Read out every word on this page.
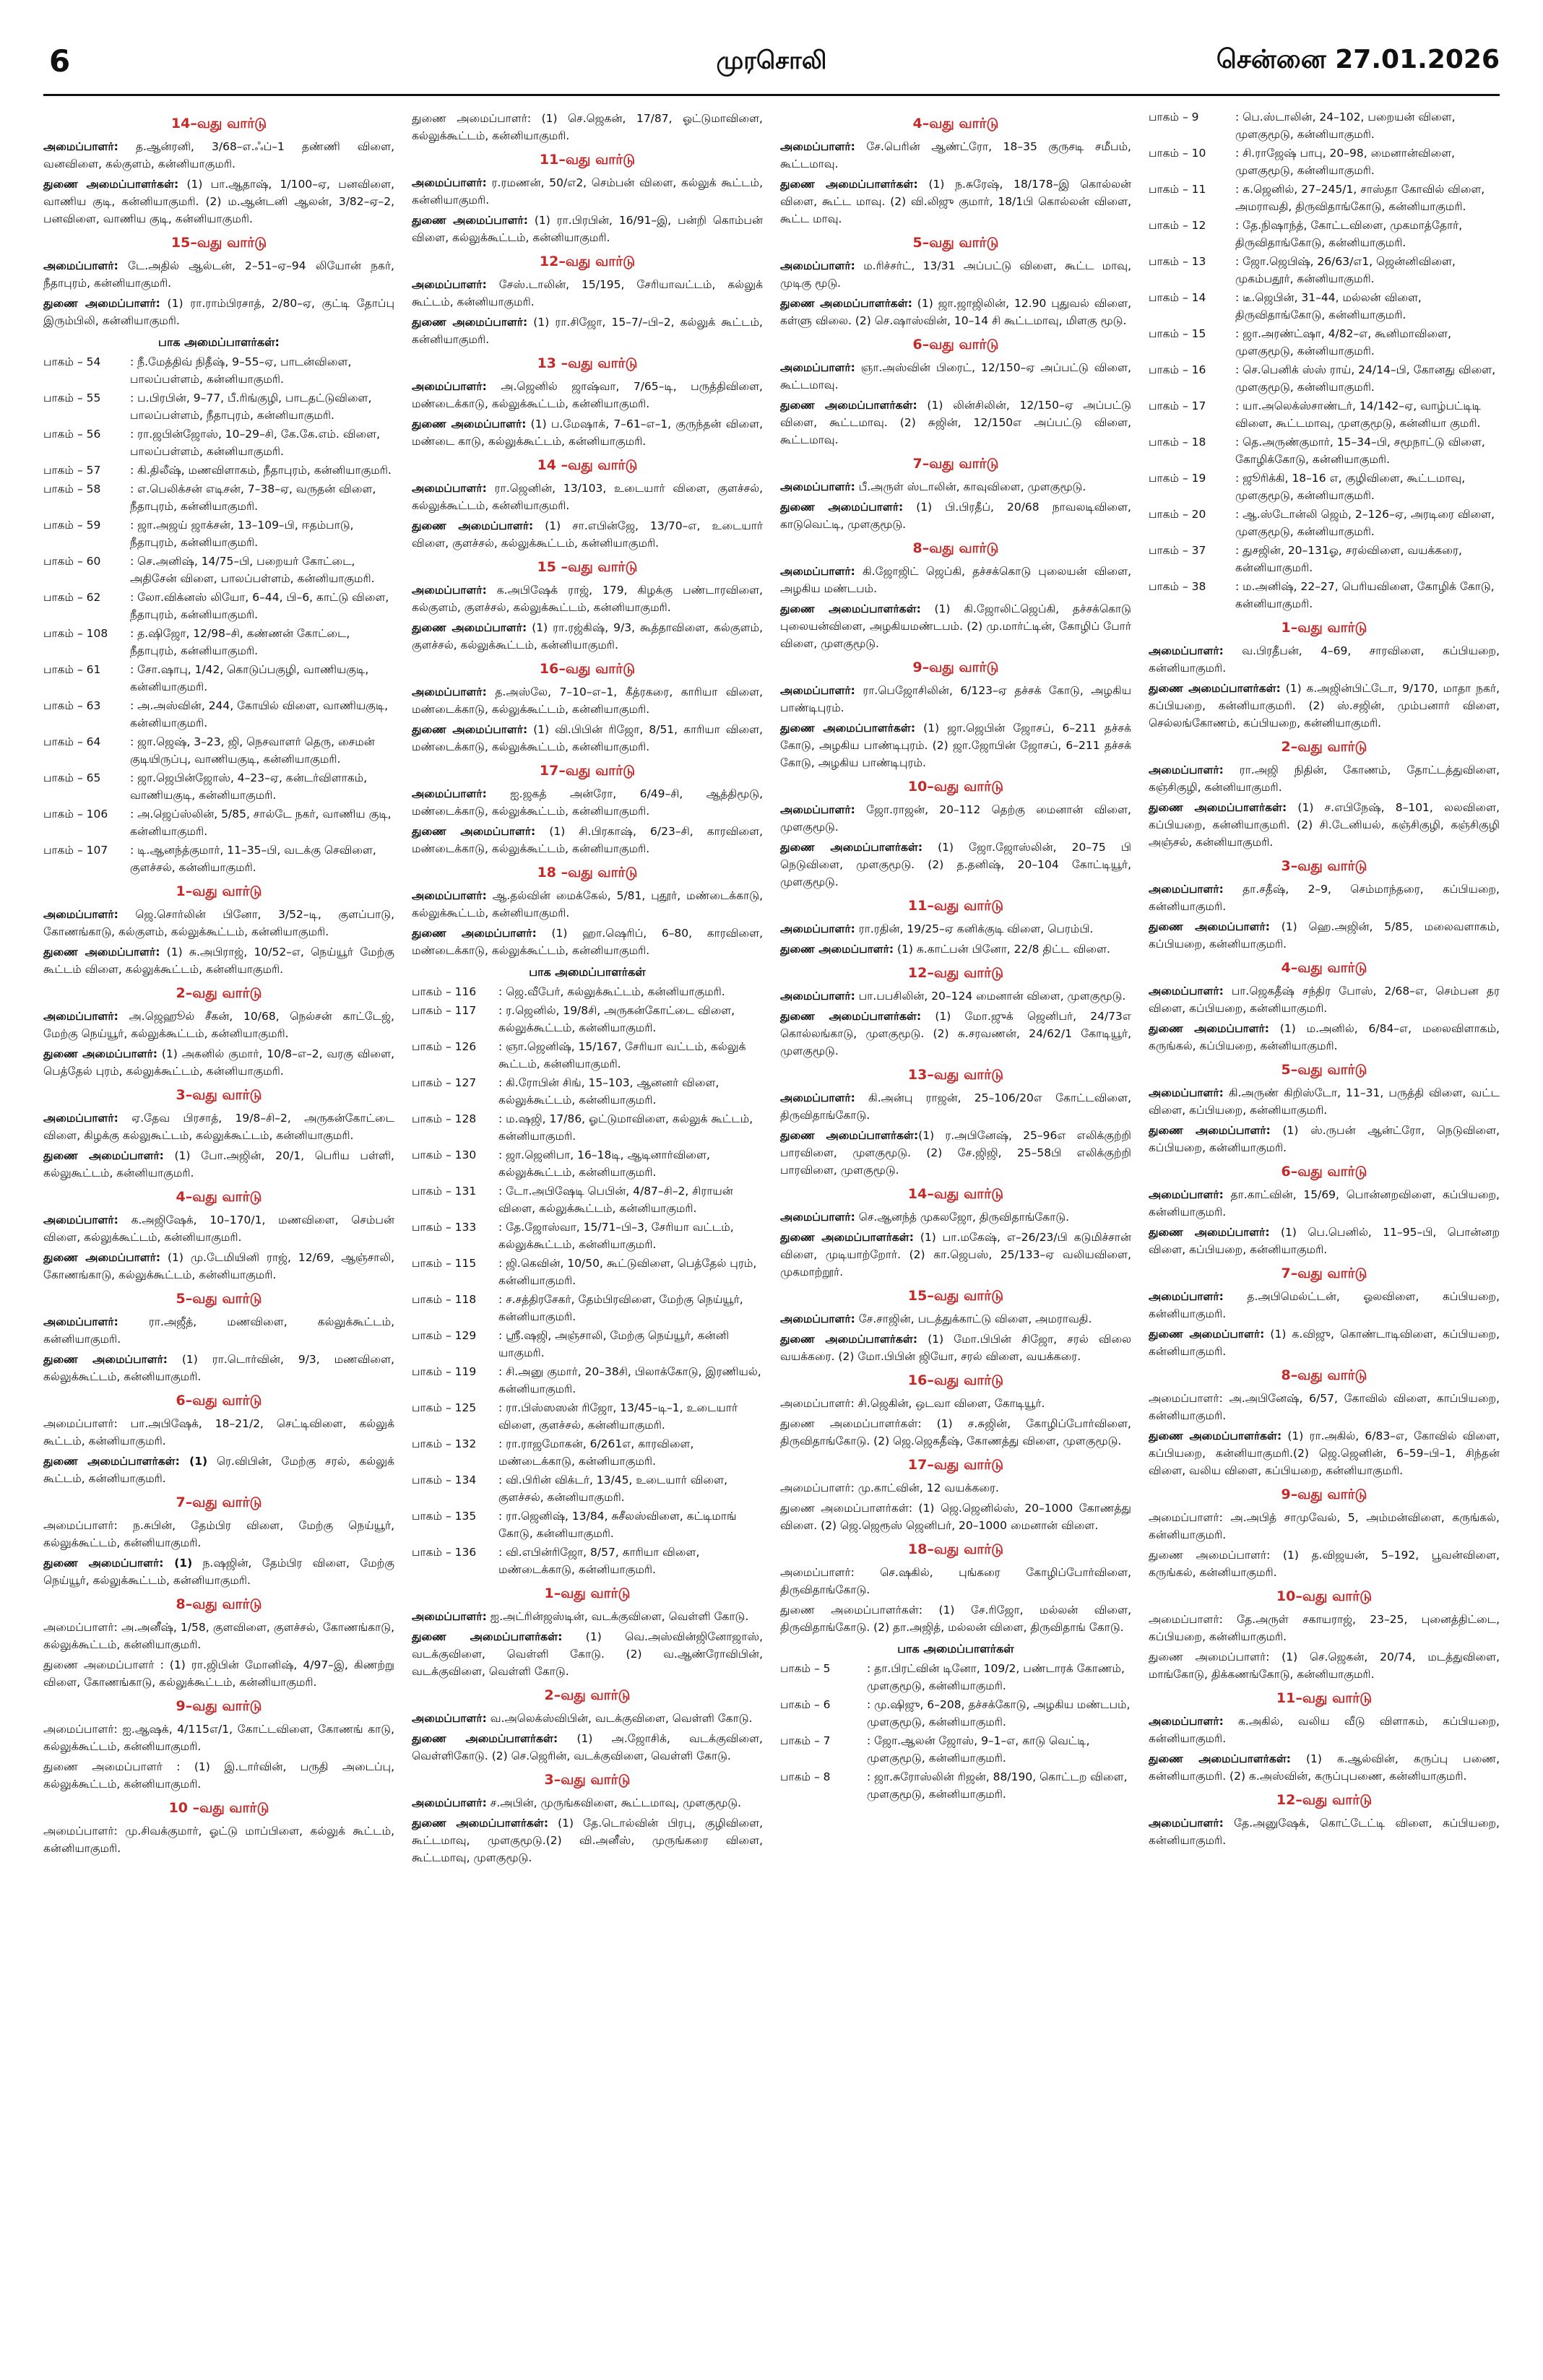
6	முரசொலி	சென்னை 27.01.2026
14–வது வார்டு

அமைப்பாளர்: த.ஆன்ரனி, 3/68–எ.ஃப்–1 தண்ணி விளை, வனவிளை, கல்குளம், கன்னியாகுமரி.

துணை அமைப்பாளர்கள்: (1) பா.ஆதாஷ், 1/100–ஏ, பனவிளை, வாணிய குடி, கன்னியாகுமரி. (2) ம.ஆன்டனி ஆலன், 3/82–ஏ–2, பனவிளை, வாணிய குடி, கன்னியாகுமரி.

15–வது வார்டு

அமைப்பாளர்: டே.அதில் ஆல்டன், 2–51–ஏ–94 லியோன் நகர், நீதாபுரம், கன்னியாகுமரி.

துணை அமைப்பாளர்: (1) ரா.ராம்பிரசாத், 2/80–ஏ, குட்டி தோப்பு இரும்பிலி, கன்னியாகுமரி.

பாக அமைப்பாளர்கள்:
பாகம் – 54	: நீ.மேத்திவ் நிதீஷ், 9–55–ஏ, பாடன்விளை, பாலப்பள்ளம், கன்னியாகுமரி.
பாகம் – 55	: ப.பிரபின், 9–77, பீ.ரிங்குழி, பாடதட்டுவிளை, பாலப்பள்ளம், நீதாபுரம், கன்னியாகுமரி.
பாகம் – 56	: ரா.ஜபின்ஜோஸ், 10–29–சி, கே.கே.எம். விளை, பாலப்பள்ளம், கன்னியாகுமரி.
பாகம் – 57	: கி.திலீஷ், மணவிளாகம், நீதாபுரம், கன்னியாகுமரி.
பாகம் – 58	: எ.பெலிக்சன் எடிசன், 7–38–ஏ, வருதன் விளை, நீதாபுரம், கன்னியாகுமரி.
பாகம் – 59	: ஜா.அஜய் ஜாக்சன், 13–109–பி, ஈதம்பாடு, நீதாபுரம், கன்னியாகுமரி.
பாகம் – 60	: செ.அனிஷ், 14/75–பி, பறையர் கோட்டை, அதிசேன் விளை, பாலப்பள்ளம், கன்னியாகுமரி.
பாகம் – 62	: லோ.விக்னஸ் லியோ, 6–44, பி–6, காட்டு விளை, நீதாபுரம், கன்னியாகுமரி.
பாகம் – 108	: த.ஷிஜோ, 12/98–சி, கண்ணன் கோட்டை, நீதாபுரம், கன்னியாகுமரி.
பாகம் – 61	: சோ.ஷாபு, 1/42, கொடுப்பகுழி, வாணியகுடி, கன்னியாகுமரி.
பாகம் – 63	: அ.அஸ்வின், 244, கோயில் விளை, வாணியகுடி, கன்னியாகுமரி.
பாகம் – 64	: ஜா.ஜெஷ், 3–23, ஜி, நெசவாளர் தெரு, சைமன் குடியிருப்பு, வாணியகுடி, கன்னியாகுமரி.
பாகம் – 65	: ஜா.ஜெபின்ஜோஸ், 4–23–ஏ, கன்டர்விளாகம், வாணியகுடி, கன்னியாகுமரி.
பாகம் – 106	: அ.ஜெப்ஸ்லின், 5/85, சால்டே நகர், வாணிய குடி, கன்னியாகுமரி.
பாகம் – 107	: டி.ஆனந்த்குமார், 11–35–பி, வடக்கு செவிளை, குளச்சல், கன்னியாகுமரி.
1–வது வார்டு

அமைப்பாளர்: ஜெ.சொர்லின் பினோ, 3/52–டி, குளப்பாடு, கோணங்காடு, கல்குளம், கல்லுக்கூட்டம், கன்னியாகுமரி.

துணை அமைப்பாளர்: (1) சு.அபிராஜ், 10/52–எ, நெய்யூர் மேற்கு கூட்டம் விளை, கல்லுக்கூட்டம், கன்னியாகுமரி.

2–வது வார்டு

அமைப்பாளர்: அ.ஜெஹூல் சீகன், 10/68, நெல்சன் காட்டேஜ், மேற்கு நெய்யூர், கல்லுக்கூட்டம், கன்னியாகுமரி.

துணை அமைப்பாளர்: (1) அகனில் குமார், 10/8–எ–2, வரகு விளை, பெத்தேல் புரம், கல்லுக்கூட்டம், கன்னியாகுமரி.

3–வது வார்டு

அமைப்பாளர்: ஏ.தேவ பிரசாத், 19/8–சி–2, அருகன்கோட்டை விளை, கிழக்கு கல்லுகூட்டம், கல்லுக்கூட்டம், கன்னியாகுமரி.

துணை அமைப்பாளர்: (1) போ.அஜின், 20/1, பெரிய பள்ளி, கல்லுகூட்டம், கன்னியாகுமரி.

4–வது வார்டு

அமைப்பாளர்: க.அஜிஷேக், 10–170/1, மணவிளை, செம்பன் விளை, கல்லுக்கூட்டம், கன்னியாகுமரி.

துணை அமைப்பாளர்: (1) மு.டேமியினி ராஜ், 12/69, ஆஞ்சாலி, கோணங்காடு, கல்லுக்கூட்டம், கன்னியாகுமரி.

5–வது வார்டு

அமைப்பாளர்: ரா.அஜீத், மணவிளை, கல்லுக்கூட்டம், கன்னியாகுமரி.

துணை அமைப்பாளர்: (1) ரா.டொர்வின், 9/3, மணவிளை, கல்லுக்கூட்டம், கன்னியாகுமரி.

6–வது வார்டு

அமைப்பாளர்: பா.அபிஷேக், 18–21/2, செட்டிவிளை, கல்லுக் கூட்டம், கன்னியாகுமரி.

துணை அமைப்பாளர்கள்: (1) ரெ.விபின், மேற்கு சரல், கல்லுக் கூட்டம், கன்னியாகுமரி.

7–வது வார்டு

அமைப்பாளர்: ந.சுபின், தேம்பிர விளை, மேற்கு நெய்யூர், கல்லுக்கூட்டம், கன்னியாகுமரி.

துணை அமைப்பாளர்: (1) ந.ஷஜின், தேம்பிர விளை, மேற்கு நெய்யூர், கல்லுக்கூட்டம், கன்னியாகுமரி.

8–வது வார்டு

அமைப்பாளர்: அ.அனீஷ், 1/58, குளவிளை, குளச்சல், கோணங்காடு, கல்லுக்கூட்டம், கன்னியாகுமரி.

துணை அமைப்பாளர் : (1) ரா.ஜிபின் மோனிஷ், 4/97–இ, கிணற்று விளை, கோணங்காடு, கல்லுக்கூட்டம், கன்னியாகுமரி.

9–வது வார்டு

அமைப்பாளர்: ஐ.ஆஷக், 4/115எ/1, கோட்டவிளை, கோணங் காடு, கல்லுக்கூட்டம், கன்னியாகுமரி.

துணை அமைப்பாளர் : (1) இ.டார்வின், பருதி அடைப்பு, கல்லுக்கூட்டம், கன்னியாகுமரி.

10 –வது வார்டு

அமைப்பாளர்: மு.சிவக்குமார், ஓட்டு மாப்பிளை, கல்லுக் கூட்டம், கன்னியாகுமரி.

துணை அமைப்பாளர்: (1) செ.ஜெகன், 17/87, ஓட்டுமாவிளை, கல்லுக்கூட்டம், கன்னியாகுமரி.

11–வது வார்டு

அமைப்பாளர்: ர.ரமணன், 50/எ2, செம்பன் விளை, கல்லுக் கூட்டம், கன்னியாகுமரி.

துணை அமைப்பாளர்: (1) ரா.பிரபின், 16/91–இ, பன்றி கொம்பன் விளை, கல்லுக்கூட்டம், கன்னியாகுமரி.

12–வது வார்டு

அமைப்பாளர்: சேஸ்.டாலின், 15/195, சேரியாவட்டம், கல்லுக் கூட்டம், கன்னியாகுமரி.

துணை அமைப்பாளர்: (1) ரா.சிஜோ, 15–7/–பி–2, கல்லுக் கூட்டம், கன்னியாகுமரி.

13 –வது வார்டு

அமைப்பாளர்: அ.ஜெனில் ஜாஷ்வா, 7/65–டி, பருத்திவிளை, மண்டைக்காடு, கல்லுக்கூட்டம், கன்னியாகுமரி.

துணை அமைப்பாளர்: (1) ப.மேஷாக், 7–61–எ–1, குருந்தன் விளை, மண்டை காடு, கல்லுக்கூட்டம், கன்னியாகுமரி.

14 –வது வார்டு

அமைப்பாளர்: ரா.ஜெனின், 13/103, உடையார் விளை, குளச்சல், கல்லுக்கூட்டம், கன்னியாகுமரி.

துணை அமைப்பாளர்: (1) சா.எபின்ஜே, 13/70–எ, உடையார் விளை, குளச்சல், கல்லுக்கூட்டம், கன்னியாகுமரி.

15 –வது வார்டு

அமைப்பாளர்: க.அபிஷேக் ராஜ், 179, கிழக்கு பண்டாரவிளை, கல்குளம், குளச்சல், கல்லுக்கூட்டம், கன்னியாகுமரி.

துணை அமைப்பாளர்: (1) ரா.ரஜ்கிஷ், 9/3, கூத்தாவிளை, கல்குளம், குளச்சல், கல்லுக்கூட்டம், கன்னியாகுமரி.

16–வது வார்டு

அமைப்பாளர்: த.அஸ்லே, 7–10–எ–1, கீத்ரகரை, காரியா விளை, மண்டைக்காடு, கல்லுக்கூட்டம், கன்னியாகுமரி.

துணை அமைப்பாளர்: (1) வி.பிபின் ரிஜோ, 8/51, காரியா விளை, மண்டைக்காடு, கல்லுக்கூட்டம், கன்னியாகுமரி.

17–வது வார்டு

அமைப்பாளர்: ஐ.ஜகத் அன்ரோ, 6/49–சி, ஆத்திமூடு, மண்டைக்காடு, கல்லுக்கூட்டம், கன்னியாகுமரி.

துணை அமைப்பாளர்: (1) சி.பிரகாஷ், 6/23–சி, காரவிளை, மண்டைக்காடு, கல்லுக்கூட்டம், கன்னியாகுமரி.

18 –வது வார்டு

அமைப்பாளர்: ஆ.தல்வின் மைக்கேல், 5/81, புதூர், மண்டைக்காடு, கல்லுக்கூட்டம், கன்னியாகுமரி.

துணை அமைப்பாளர்: (1) ஹா.ஷெரிப், 6–80, காரவிளை, மண்டைக்காடு, கல்லுக்கூட்டம், கன்னியாகுமரி.

பாக அமைப்பாளர்கள்
பாகம் – 116	: ஜெ.வீபேர், கல்லுக்கூட்டம், கன்னியாகுமரி.
பாகம் – 117	: ர.ஜெனில், 19/8சி, அருகன்கோட்டை விளை, கல்லுக்கூட்டம், கன்னியாகுமரி.
பாகம் – 126	: ஞா.ஜெனிஷ், 15/167, சேரியா வட்டம், கல்லுக் கூட்டம், கன்னியாகுமரி.
பாகம் – 127	: கி.ரோபின் சிங், 15–103, ஆனனர் விளை, கல்லுக்கூட்டம், கன்னியாகுமரி.
பாகம் – 128	: ம.ஷஜி, 17/86, ஓட்டுமாவிளை, கல்லுக் கூட்டம், கன்னியாகுமரி.
பாகம் – 130	: ஜா.ஜெனிபா, 16–18டி, ஆடினார்விளை, கல்லுக்கூட்டம், கன்னியாகுமரி.
பாகம் – 131	: டோ.அபிஷேடி பெபின், 4/87–சி–2, சிராயன் விளை, கல்லுக்கூட்டம், கன்னியாகுமரி.
பாகம் – 133	: தே.ஜோஸ்வா, 15/71–பி–3, சேரியா வட்டம், கல்லுக்கூட்டம், கன்னியாகுமரி.
பாகம் – 115	: ஜி.கெவின், 10/50, கூட்டுவிளை, பெத்தேல் புரம், கன்னியாகுமரி.
பாகம் – 118	: ச.சத்திரசேகர், தேம்பிரவிளை, மேற்கு நெய்யூர், கன்னியாகுமரி.
பாகம் – 129	: ஸ்ரீ.ஷஜி, அஞ்சாலி, மேற்கு நெய்யூர், கன்னி யாகுமரி.
பாகம் – 119	: சி.அனு குமார், 20–38சி, பிலாக்கோடு, இரணியல், கன்னியாகுமரி.
பாகம் – 125	: ரா.பிஸ்ஸஸன் ரிஜோ, 13/45–டி–1, உடையார் விளை, குளச்சல், கன்னியாகுமரி.
பாகம் – 132	: ரா.ராஜமோகன், 6/261எ, காரவிளை, மண்டைக்காடு, கன்னியாகுமரி.
பாகம் – 134	: வி.பிரின் விக்டர், 13/45, உடையார் விளை, குளச்சல், கன்னியாகுமரி.
பாகம் – 135	: ரா.ஜெனிஷ், 13/84, சுசீலஸ்விளை, கட்டிமாங் கோடு, கன்னியாகுமரி.
பாகம் – 136	: வி.எபின்ரிஜோ, 8/57, காரியா விளை, மண்டைக்காடு, கன்னியாகுமரி.
1–வது வார்டு

அமைப்பாளர்: ஐ.அட்ரின்ஜஸ்டின், வடக்குவிளை, வெள்ளி கோடு.

துணை அமைப்பாளர்கள்: (1) வெ.அஸ்வின்ஜினோஜாஸ், வடக்குவிளை, வெள்ளி கோடு. (2) வ.ஆண்ரோவிபின், வடக்குவிளை, வெள்ளி கோடு.

2–வது வார்டு

அமைப்பாளர்: வ.அலெக்ஸ்விபின், வடக்குவிளை, வெள்ளி கோடு.

துணை அமைப்பாளர்கள்: (1) அ.ஜோசிக், வடக்குவிளை, வெள்ளிகோடு. (2) செ.ஜெரின், வடக்குவிளை, வெள்ளி கோடு.

3–வது வார்டு

அமைப்பாளர்: ச.அபின், முருங்கவிளை, கூட்டமாவு, முளகுமூடு.

துணை அமைப்பாளர்கள்: (1) தே.டொல்வின் பிரபு, குழிவிளை, கூட்டமாவு, முளகுமூடு.(2) வி.அனீஸ், முருங்கரை விளை, கூட்டமாவு, முளகுமூடு.

4–வது வார்டு

அமைப்பாளர்: சே.பெரின் ஆண்ட்ரோ, 18–35 குருசடி சமீபம், கூட்டமாவு.

துணை அமைப்பாளர்கள்: (1) ந.சுரேஷ், 18/178–இ கொல்லன் விளை, கூட்ட மாவு. (2) வி.லிஜு குமார், 18/1பி கொல்லன் விளை, கூட்ட மாவு.

5–வது வார்டு

அமைப்பாளர்: ம.ரிச்சர்ட், 13/31 அப்பட்டு விளை, கூட்ட மாவு, முடிகு மூடு.

துணை அமைப்பாளர்கள்: (1) ஜா.ஜாஜிலின், 12.90 புதுவல் விளை, கள்ளு விலை. (2) செ.ஷாஸ்வின், 10–14 சி கூட்டமாவு, மிளகு மூடு.

6–வது வார்டு

அமைப்பாளர்: ஞா.அஸ்வின் பிரைட், 12/150–ஏ அப்பட்டு விளை, கூட்டமாவு.

துணை அமைப்பாளர்கள்: (1) லின்சிலின், 12/150–ஏ அப்பட்டு விளை, கூட்டமாவு. (2) சுஜின், 12/150எ அப்பட்டு விளை, கூட்டமாவு.

7–வது வார்டு

அமைப்பாளர்: பீ.அருள் ஸ்டாலின், காவுவிளை, முளகுமூடு.

துணை அமைப்பாளர்: (1) பி.பிரதீப், 20/68 நாவலடிவிளை, காடுவெட்டி, முளகுமூடு.

8–வது வார்டு

அமைப்பாளர்: கி.ஜோஜிட் ஜெப்கி, தச்சக்கொடு புலையன் விளை, அழகிய மண்டபம்.

துணை அமைப்பாளர்கள்: (1) கி.ஜோலிட்ஜெப்கி, தச்சக்கொடு புலையன்விளை, அழகியமண்டபம். (2) மு.மார்ட்டின், கோழிப் போர் விளை, முளகுமூடு.

9–வது வார்டு

அமைப்பாளர்: ரா.பெஜோசிலின், 6/123–ஏ தச்சக் கோடு, அழகிய பாண்டிபுரம்.

துணை அமைப்பாளர்கள்: (1) ஜா.ஜெபின் ஜோசப், 6–211 தச்சக் கோடு, அழகிய பாண்டிபுரம். (2) ஜா.ஜோபின் ஜோசப், 6–211 தச்சக் கோடு, அழகிய பாண்டிபுரம்.

10–வது வார்டு

அமைப்பாளர்: ஜோ.ராஜன், 20–112 தெற்கு மைனான் விளை, முளகுமூடு.

துணை அமைப்பாளர்கள்: (1) ஜோ.ஜோஸ்லின், 20–75 பி நெடுவிளை, முளகுமூடு. (2) த.தனிஷ், 20–104 கோட்டியூர், முளகுமூடு.

11–வது வார்டு

அமைப்பாளர்: ரா.ரதின், 19/25–ஏ கனிக்குடி விளை, பெரம்பி.

துணை அமைப்பாளர்: (1) க.காட்பன் பினோ, 22/8 திட்ட விளை.

12–வது வார்டு

அமைப்பாளர்: பா.பபசிலின், 20–124 மைனான் விளை, முளகுமூடு.

துணை அமைப்பாளர்கள்: (1) மோ.ஜுக் ஜெனிபர், 24/73எ கொல்லங்காடு, முளகுமூடு. (2) சு.சரவணன், 24/62/1 கோடியூர், முளகுமூடு.

13–வது வார்டு

அமைப்பாளர்: கி.அன்பு ராஜன், 25–106/20எ கோட்டவிளை, திருவிதாங்கோடு.

துணை அமைப்பாளர்கள்:(1) ர.அபினேஷ், 25–96எ எலிக்குற்றி பாரவிளை, முளகுமூடு. (2) சே.ஜிஜி, 25–58பி எலிக்குற்றி பாரவிளை, முளகுமூடு.

14–வது வார்டு

அமைப்பாளர்: செ.ஆனந்த் முகலஜோ, திருவிதாங்கோடு.

துணை அமைப்பாளர்கள்: (1) பா.மகேஷ், எ–26/23/பி கடுமிச்சான் விளை, முடியாற்றோர். (2) கா.ஜெபஸ், 25/133–ஏ வலியவிளை, முகமாற்றூர்.

15–வது வார்டு

அமைப்பாளர்: சே.சாஜின், படத்துக்காட்டு விளை, அமராவதி.

துணை அமைப்பாளர்கள்: (1) மோ.பிபின் சிஜோ, சரல் விலை வயக்கரை. (2) மோ.பிபின் ஜியோ, சரல் விளை, வயக்கரை.

16–வது வார்டு

அமைப்பாளர்: சி.ஜெகின், ஒடவா விளை, கோடியூர்.

துணை அமைப்பாளர்கள்: (1) ச.சுஜின், கோழிப்போர்விளை, திருவிதாங்கோடு. (2) ஜெ.ஜெகதீஷ், கோணத்து விளை, முளகுமூடு.

17–வது வார்டு

அமைப்பாளர்: மு.காட்வின், 12 வயக்கரை.

துணை அமைப்பாளர்கள்: (1) ஜெ.ஜெனில்ஸ், 20–1000 கோணத்து விளை. (2) ஜெ.ஜெரூஸ் ஜெனிபர், 20–1000 மைனான் விளை.

18–வது வார்டு

அமைப்பாளர்: செ.ஷகில், புங்கரை கோழிப்போர்விளை, திருவிதாங்கோடு.

துணை அமைப்பாளர்கள்: (1) சே.ரிஜோ, மல்லன் விளை, திருவிதாங்கோடு. (2) தா.அஜித், மல்லன் விளை, திருவிதாங் கோடு.

பாக அமைப்பாளர்கள்
பாகம் – 5	: தா.பிரட்வின் டினோ, 109/2, பண்டாரக் கோணம், முளகுமூடு, கன்னியாகுமரி.
பாகம் – 6	: மு.ஷிஜு, 6–208, தச்சக்கோடு, அழகிய மண்டபம், முளகுமூடு, கன்னியாகுமரி.
பாகம் – 7	: ஜோ.ஆலன் ஜோஸ், 9–1–எ, காடு வெட்டி, முளகுமூடு, கன்னியாகுமரி.
பாகம் – 8	: ஜா.சுரோஸ்லின் ரிஜன், 88/190, கொட்டற விளை, முளகுமூடு, கன்னியாகுமரி.
பாகம் – 9	: பெ.ஸ்டாலின், 24–102, பறையன் விளை, முளகுமூடு, கன்னியாகுமரி.
பாகம் – 10	: சி.ராஜேஷ் பாபு, 20–98, மைனான்விளை, முளகுமூடு, கன்னியாகுமரி.
பாகம் – 11	: க.ஜெனில், 27–245/1, சாஸ்தா கோவில் விளை, அமராவதி, திருவிதாங்கோடு, கன்னியாகுமரி.
பாகம் – 12	: தே.நிஷாந்த், கோட்டவிளை, முகமாத்தோர், திருவிதாங்கோடு, கன்னியாகுமரி.
பாகம் – 13	: ஜோ.ஜெபிஷ், 26/63/எ1, ஜென்னிவிளை, முகம்பதூர், கன்னியாகுமரி.
பாகம் – 14	: டீ.ஜெபின், 31–44, மல்லன் விளை, திருவிதாங்கோடு, கன்னியாகுமரி.
பாகம் – 15	: ஜா.அரண்ட்ஷா, 4/82–எ, கூனிமாவிளை, முளகுமூடு, கன்னியாகுமரி.
பாகம் – 16	: செ.பெனிக் ஸ்ஸ் ராய், 24/14–பி, கோனது விளை, முளகுமூடு, கன்னியாகுமரி.
பாகம் – 17	: யா.அலெக்ஸ்சாண்டர், 14/142–ஏ, வாழ்பட்டிடி விளை, கூட்டமாவு, முளகுமூடு, கன்னியா குமரி.
பாகம் – 18	: தெ.அருண்குமார், 15–34–பி, சமூநாட்டு விளை, கோழிக்கோடு, கன்னியாகுமரி.
பாகம் – 19	: ஜூரிக்கி, 18–16 எ, குழிவிளை, கூட்டமாவு, முளகுமூடு, கன்னியாகுமரி.
பாகம் – 20	: ஆ.ஸ்டோன்லி ஜெம், 2–126–ஏ, அரடிரை விளை, முளகுமூடு, கன்னியாகுமரி.
பாகம் – 37	: துசஜின், 20–131ஓ, சரல்விளை, வயக்கரை, கன்னியாகுமரி.
பாகம் – 38	: ம.அனிஷ், 22–27, பெரியவிளை, கோழிக் கோடு, கன்னியாகுமரி.
1–வது வார்டு

அமைப்பாளர்: வ.பிரதீபன், 4–69, சாரவிளை, கப்பியறை, கன்னியாகுமரி.

துணை அமைப்பாளர்கள்: (1) க.அஜின்பிட்டோ, 9/170, மாதா நகர், கப்பியறை, கன்னியாகுமரி. (2) ஸ்.சஜின், மும்பனார் விளை, செல்லங்கோணம், கப்பியறை, கன்னியாகுமரி.

2–வது வார்டு

அமைப்பாளர்: ரா.அஜி நிதின், கோணம், தோட்டத்துவிளை, கஞ்சிகுழி, கன்னியாகுமரி.

துணை அமைப்பாளர்கள்: (1) ச.எபிநேஷ், 8–101, லலவிளை, கப்பியறை, கன்னியாகுமரி. (2) சி.டேனியல், கஞ்சிகுழி, கஞ்சிகுழி அஞ்சல், கன்னியாகுமரி.

3–வது வார்டு

அமைப்பாளர்: தா.சதீஷ், 2–9, செம்மாந்தரை, கப்பியறை, கன்னியாகுமரி.

துணை அமைப்பாளர்: (1) ஹெ.அஜின், 5/85, மலைவளாகம், கப்பியறை, கன்னியாகுமரி.

4–வது வார்டு

அமைப்பாளர்: பா.ஜெகதீஷ் சந்திர போஸ், 2/68–எ, செம்பன தர விளை, கப்பியறை, கன்னியாகுமரி.

துணை அமைப்பாளர்: (1) ம.அனில், 6/84–எ, மலைவிளாகம், கருங்கல், கப்பியறை, கன்னியாகுமரி.

5–வது வார்டு

அமைப்பாளர்: கி.அருண் கிறிஸ்டோ, 11–31, பருத்தி விளை, வட்ட விளை, கப்பியறை, கன்னியாகுமரி.

துணை அமைப்பாளர்: (1) ஸ்.ருபன் ஆன்ட்ரோ, நெடுவிளை, கப்பியறை, கன்னியாகுமரி.

6–வது வார்டு

அமைப்பாளர்: தா.காட்வின், 15/69, பொன்னறவிளை, கப்பியறை, கன்னியாகுமரி.

துணை அமைப்பாளர்: (1) பெ.பெனில், 11–95–பி, பொன்னற விளை, கப்பியறை, கன்னியாகுமரி.

7–வது வார்டு

அமைப்பாளர்: த.அபிமெல்ட்டன், ஓலவிளை, கப்பியறை, கன்னியாகுமரி.

துணை அமைப்பாளர்: (1) க.விஜு, கொண்டாடிவிளை, கப்பியறை, கன்னியாகுமரி.

8–வது வார்டு

அமைப்பாளர்: அ.அபினேஷ், 6/57, கோவில் விளை, காப்பியறை, கன்னியாகுமரி.

துணை அமைப்பாளர்கள்: (1) ரா.அகில், 6/83–எ, கோவில் விளை, கப்பியறை, கன்னியாகுமரி.(2) ஜெ.ஜெனின், 6–59–பி–1, சிந்தன் விளை, வலிய விளை, கப்பியறை, கன்னியாகுமரி.

9–வது வார்டு

அமைப்பாளர்: அ.அபித் சாமுவேல், 5, அம்மன்விளை, கருங்கல், கன்னியாகுமரி.

துணை அமைப்பாளர்: (1) த.விஜயன், 5–192, பூவன்விளை, கருங்கல், கன்னியாகுமரி.

10–வது வார்டு

அமைப்பாளர்: தே.அருள் சகாயராஜ், 23–25, புனைத்திட்டை, கப்பியறை, கன்னியாகுமரி.

துணை அமைப்பாளர்: (1) செ.ஜெகன், 20/74, மடத்துவிளை, மாங்கோடு, திக்கணங்கோடு, கன்னியாகுமரி.

11–வது வார்டு

அமைப்பாளர்: க.அகில், வலிய வீடு விளாகம், கப்பியறை, கன்னியாகுமரி.

துணை அமைப்பாளர்கள்: (1) க.ஆல்வின், கருப்பு பணை, கன்னியாகுமரி. (2) க.அஸ்வின், கருப்புபணை, கன்னியாகுமரி.

12–வது வார்டு

அமைப்பாளர்: தே.அனுஷேக், கொட்டேட்டி விளை, கப்பியறை, கன்னியாகுமரி.
